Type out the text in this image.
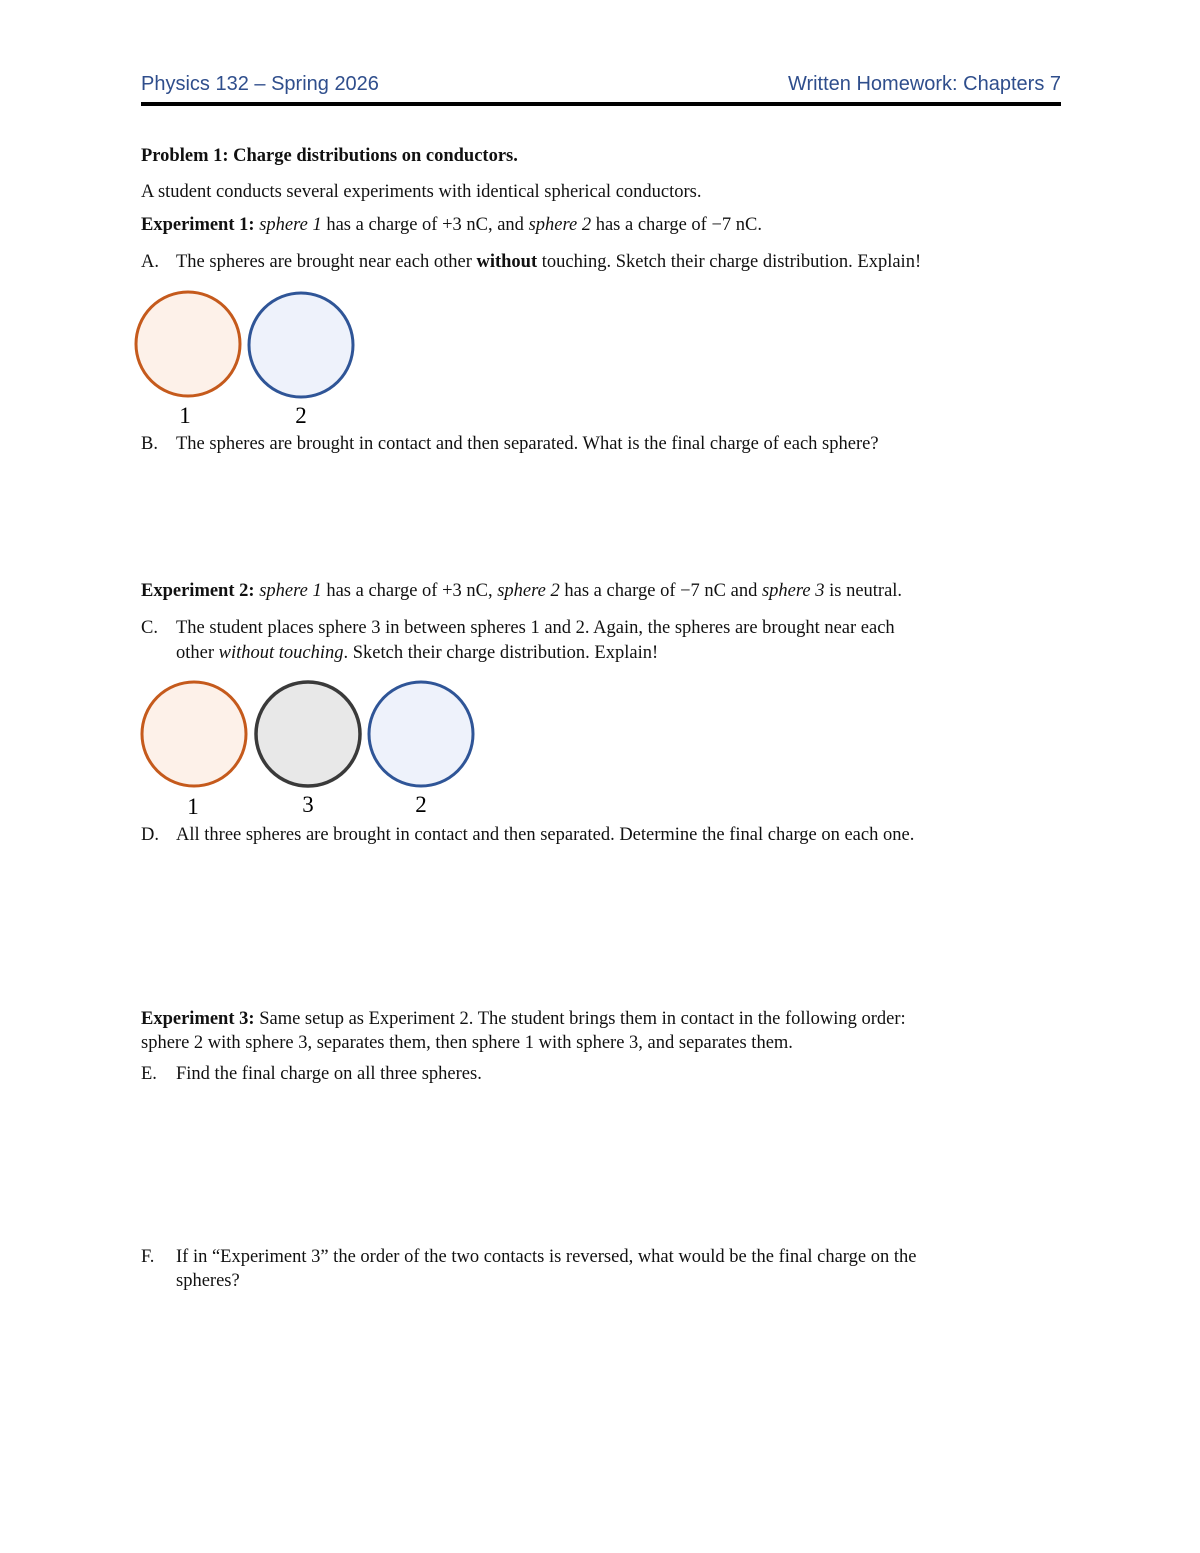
Physics 132 – Spring 2026	Written Homework: Chapters 7
Problem 1: Charge distributions on conductors.
A student conducts several experiments with identical spherical conductors.
Experiment 1: sphere 1 has a charge of +3 nC, and sphere 2 has a charge of −7 nC.
A. The spheres are brought near each other without touching. Sketch their charge distribution. Explain!
1	2
B. The spheres are brought in contact and then separated. What is the final charge of each sphere?
Experiment 2: sphere 1 has a charge of +3 nC, sphere 2 has a charge of −7 nC and sphere 3 is neutral.
C. The student places sphere 3 in between spheres 1 and 2. Again, the spheres are brought near each
other without touching. Sketch their charge distribution. Explain!
1	3	2
D. All three spheres are brought in contact and then separated. Determine the final charge on each one.
Experiment 3: Same setup as Experiment 2. The student brings them in contact in the following order:
sphere 2 with sphere 3, separates them, then sphere 1 with sphere 3, and separates them.
E. Find the final charge on all three spheres.
F. If in “Experiment 3” the order of the two contacts is reversed, what would be the final charge on the
spheres?
